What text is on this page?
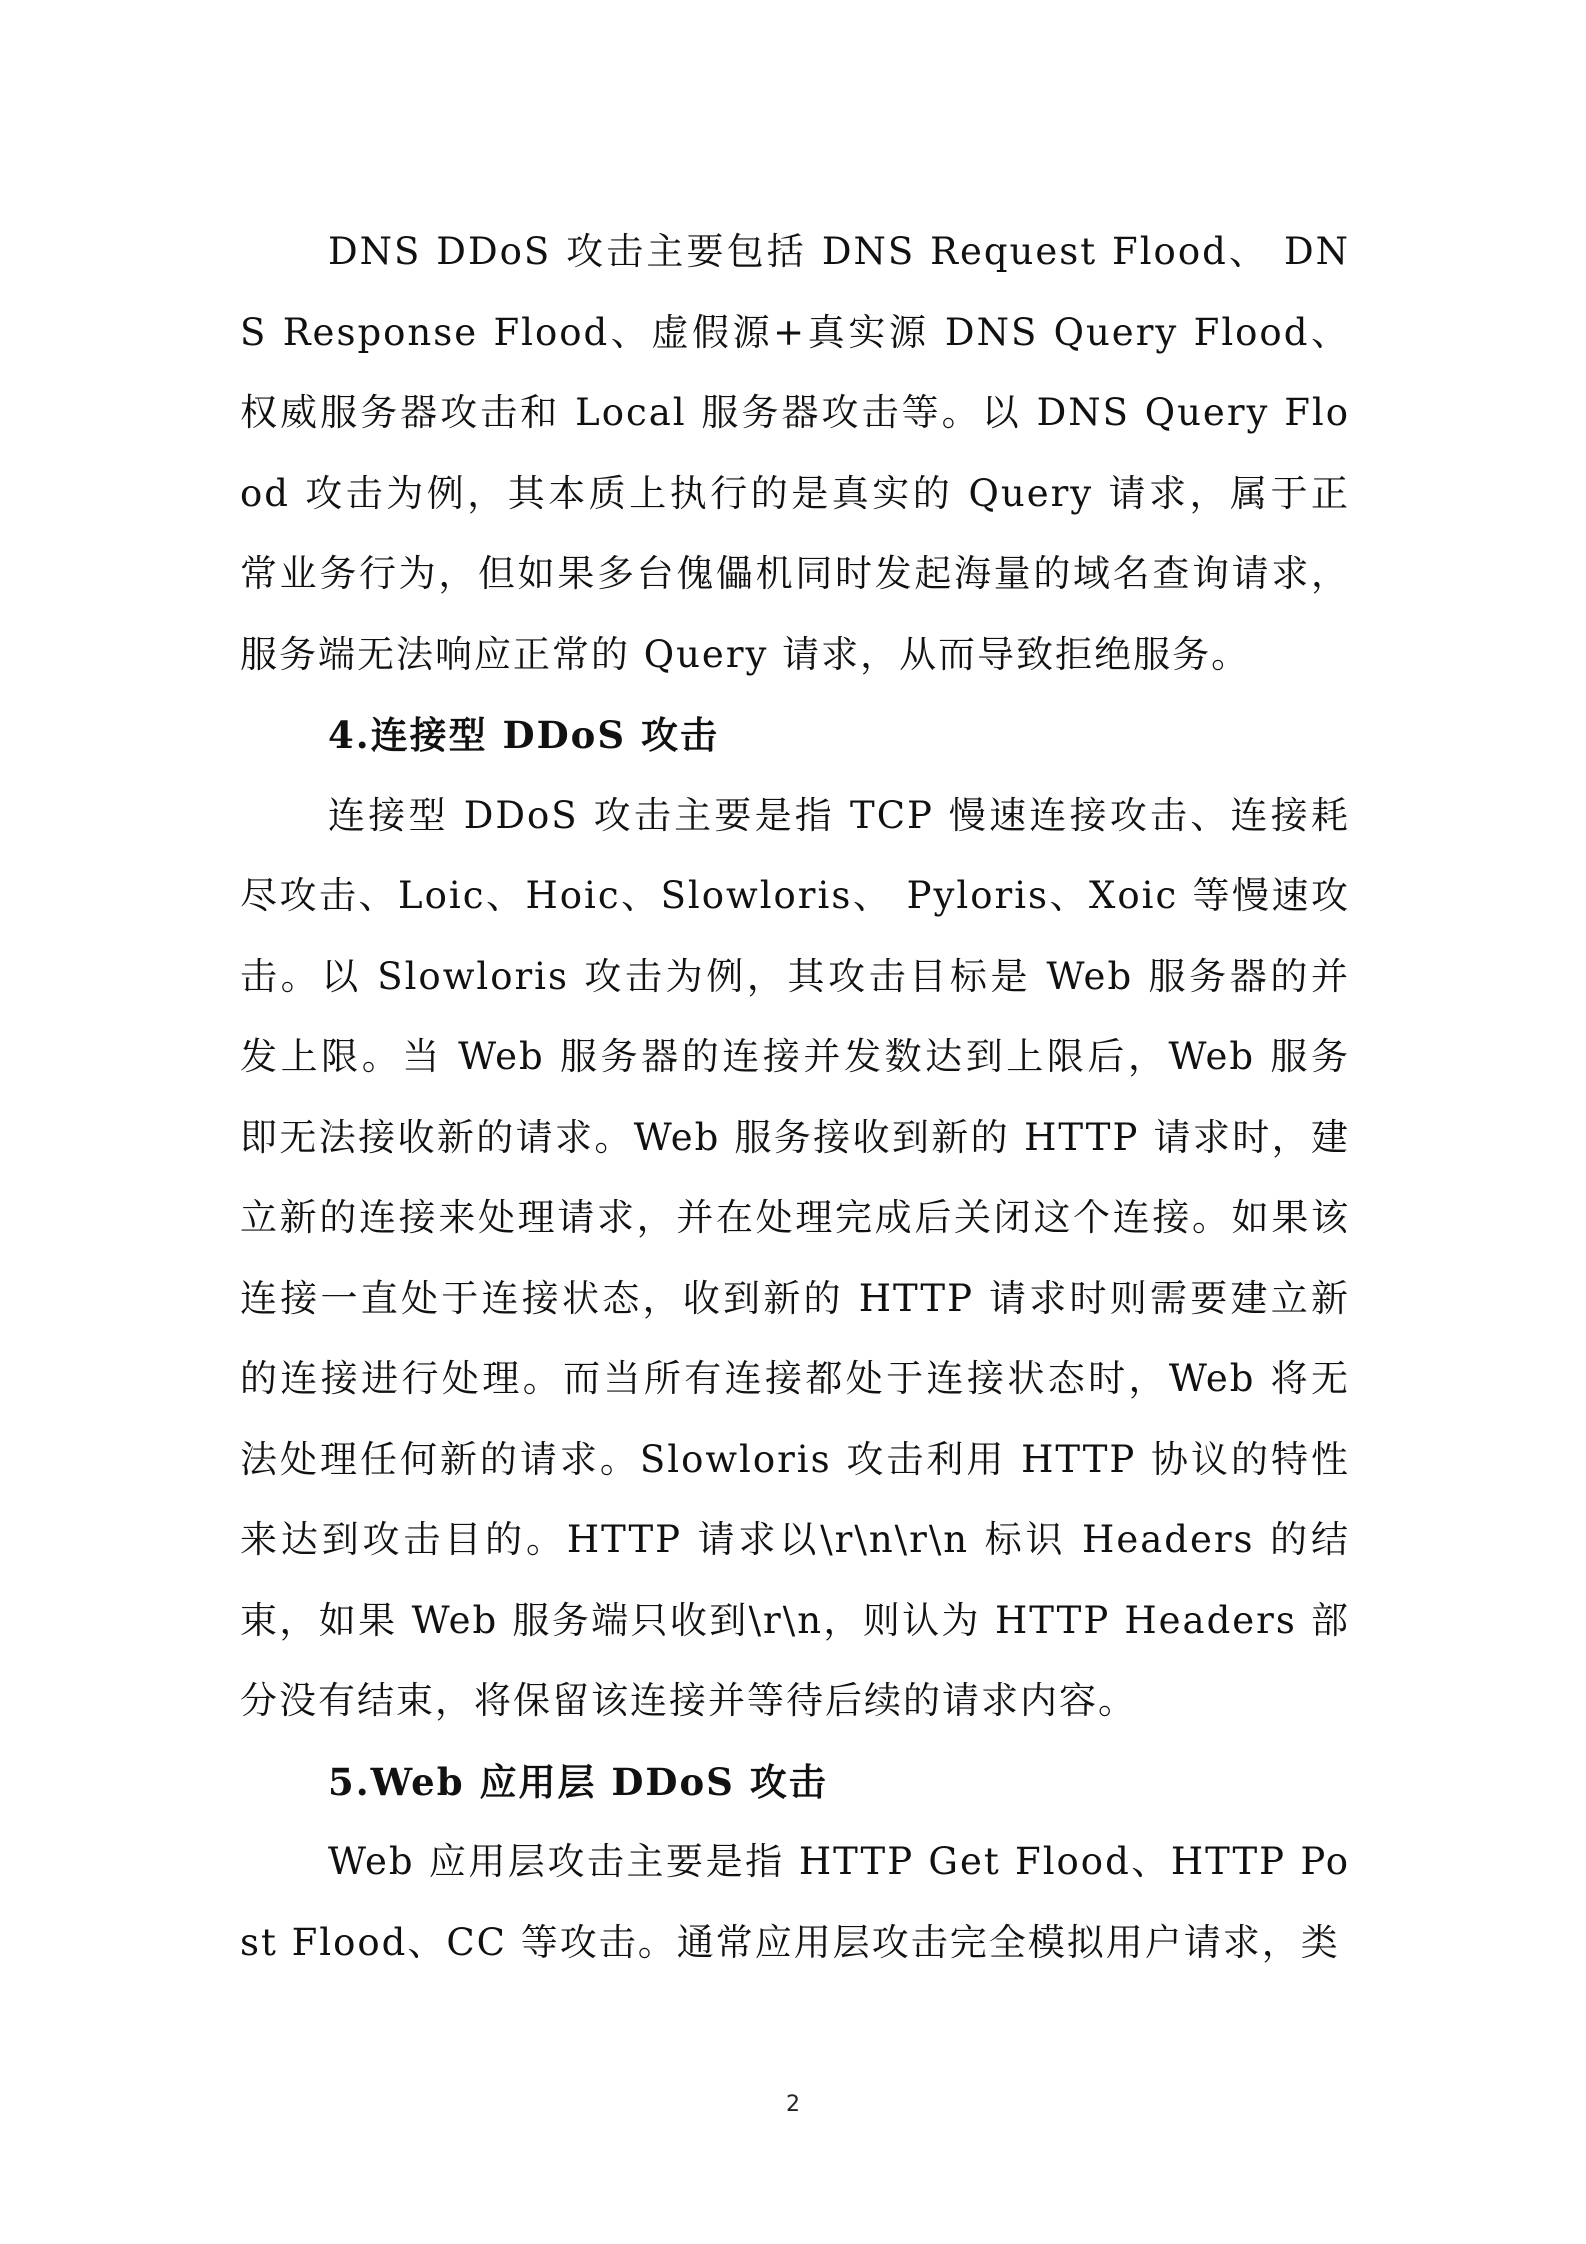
DNS DDoS 攻击主要包括 DNS Request Flood、 DNS Response Flood、虚假源+真实源 DNS Query Flood、权威服务器攻击和 Local 服务器攻击等。以 DNS Query Flood 攻击为例，其本质上执行的是真实的 Query 请求，属于正常业务行为，但如果多台傀儡机同时发起海量的域名查询请求，服务端无法响应正常的 Query 请求，从而导致拒绝服务。

4.连接型 DDoS 攻击

连接型 DDoS 攻击主要是指 TCP 慢速连接攻击、连接耗尽攻击、Loic、Hoic、Slowloris、 Pyloris、Xoic 等慢速攻击。以 Slowloris 攻击为例，其攻击目标是 Web 服务器的并发上限。当 Web 服务器的连接并发数达到上限后，Web 服务即无法接收新的请求。Web 服务接收到新的 HTTP 请求时，建立新的连接来处理请求，并在处理完成后关闭这个连接。如果该连接一直处于连接状态，收到新的 HTTP 请求时则需要建立新的连接进行处理。而当所有连接都处于连接状态时，Web 将无法处理任何新的请求。Slowloris 攻击利用 HTTP 协议的特性来达到攻击目的。HTTP 请求以\r\n\r\n 标识 Headers 的结束，如果 Web 服务端只收到\r\n，则认为 HTTP Headers 部分没有结束，将保留该连接并等待后续的请求内容。

5.Web 应用层 DDoS 攻击

Web 应用层攻击主要是指 HTTP Get Flood、HTTP Post Flood、CC 等攻击。通常应用层攻击完全模拟用户请求，类

2
